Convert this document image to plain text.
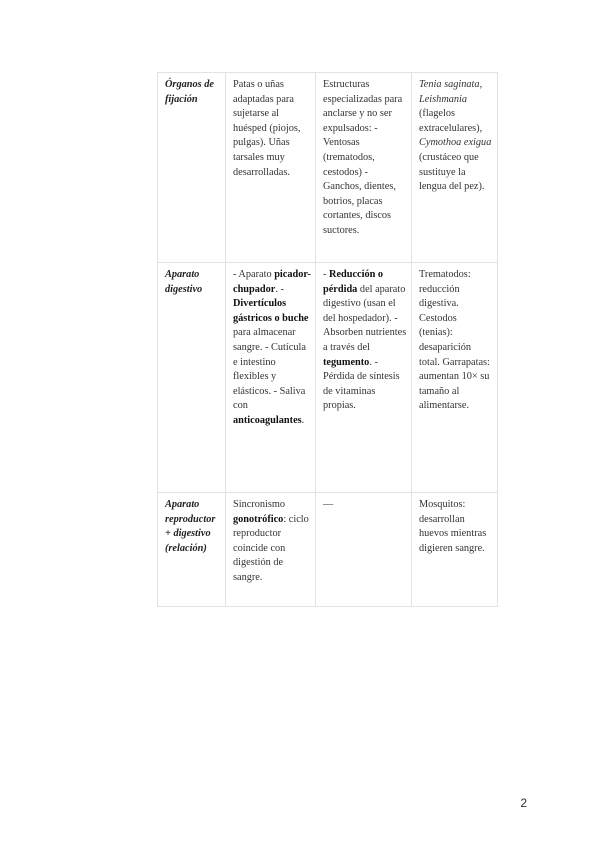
Órganos de fijación	Patas o uñas adaptadas para sujetarse al huésped (piojos, pulgas). Uñas tarsales muy desarrolladas.	Estructuras especializadas para anclarse y no ser expulsados: - Ventosas (trematodos, cestodos) - Ganchos, dientes, botrios, placas cortantes, discos suctores.	Tenia saginata, Leishmania (flagelos extracelulares), Cymothoa exigua (crustáceo que sustituye la lengua del pez).
Aparato digestivo	- Aparato picador-chupador. - Divertículos gástricos o buche para almacenar sangre. - Cutícula e intestino flexibles y elásticos. - Saliva con anticoagulantes.	- Reducción o pérdida del aparato digestivo (usan el del hospedador). - Absorben nutrientes a través del tegumento. - Pérdida de síntesis de vitaminas propias.	Trematodos: reducción digestiva. Cestodos (tenias): desaparición total. Garrapatas: aumentan 10× su tamaño al alimentarse.
Aparato reproductor + digestivo (relación)	Sincronismo gonotrófico: ciclo reproductor coincide con digestión de sangre.	—	Mosquitos: desarrollan huevos mientras digieren sangre.
2
